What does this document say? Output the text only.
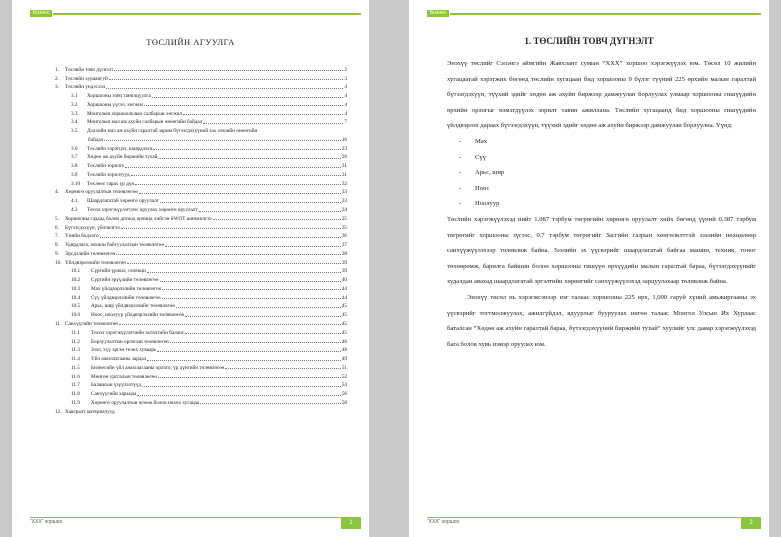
Бизнес
ТӨСЛИЙН АГУУЛГА
1.	Төслийн товч дүгнэлт	2
2.	Төслийн хураангуй	3
3.	Төслийн үндэслэл	4
3.1	Хоршооны товч танилцуулга	4
3.2	Хоршооны үүсэл, хөгжил	4
3.3	Монголын хоршоололын салбарын хөгжил	4
3.4	Монголын мал аж ахуйн салбарын өнөөгийн байдал	7
3.5	Дэлхийн мал аж ахуйн гаралтай зарим бүтээгдэхүүний зах зээлийн өнөөгийн
байдал	16
3.6	Төслийн хэрэгцээ, шаардлага	23
3.7	Хөдөө аж ахуйн биржийн тухай	26
3.8	Төслийн зорилго	31
3.9	Төслийн зорилтууд	31
3.10	Төслөөс гарах үр дүн	32
4.	Хөрөнгө оруулалтын төлөвлөгөө	33
4.1	Шаардлагатай хөрөнгө оруулалт	33
4.2	Төсөл хэрэгжүүлэгчээс оруулах хөрөнгө оруулалт	34
5.	Хоршооны гадаад болон дотоод орчинд хийсэн SWOT шинжилгээ	35
6.	Бүтээгдэхүүн, үйлчилгээ	35
7.	Үнийн бодлого	36
8.	Удирдлага, зохион байгуулалтын төлөвлөгөө	37
9.	Эрсдэлийн төлөвлөгөө	38
10. Үйлдвэрлэлийн төлөвлөгөө	39
10.1	Сүргийн үржил, селекци	39
10.2	Сүргийн эрүүлийн төлөвлөгөө	40
10.3	Мах үйлдвэрлэлийн төлөвлөгөө	44
10.4	Сүү үйлдвэрлэлийн төлөвлөгөө	44
10.5	Арьс, шир үйлдвэрлэлийн төлөвлөгөө	45
10.6	Ноос, ноолуур үйлдвэрлэлийн төлөвлөгөө	45
11. Санхүүгийн төлөвлөгөө	45
11.1	Төсөл хэрэгжүүлэгчийн эхлэлтийн баланс	45
11.2	Борлуулалтын орлогын төлөвлөгөө	46
11.3	Зээл, хүү эргэн төлөх хуваарь	48
11.4	Үйл ажиллагааны зардал	49
11.5	Бизнесийн үйл ажиллагааны орлого, үр дүнгийн төлөвлөгөө	51
11.6	Мөнгөн урсгалын төлөвлөгөө	52
11.7	Балансын үзүүлэлтүүд	54
11.8	Санхүүгийн харьцаа	56
11.9	Хөрөнгө оруулалтын өгөөж болон нөхөх хугацаа	58
12. Хавсралт материалууд
“ХХХ” хоршоо	1
Бизнес
1. ТӨСЛИЙН ТОВЧ ДҮГНЭЛТ

Энэхүү төслийг Сэлэнгэ аймгийн Жавхлант сумын “ХХХ” хоршоо хэрэгжүүлэх юм. Төсөл 10 жилийн хугацаатай хэрэгжих бөгөөд төслийн хугацаан бид хоршооны 9 бүлэг түүний 225 өрхийн малын гаралтай бүтээгдэхүүн, түүхий эдийг хөдөө аж ахуйн биржээр дамжуулан борлуулах улмаар хоршооны гишүүдийн өрхийн орлогыг нэмэгдүүлэх зорилт тавин ажиллана. Төслийн хугацаанд бид хоршооны гишүүдийн үйлдвэрлэх дараах бүтээгдэхүүн, түүхий эдийг хөдөө аж ахуйн биржээр дамжуулан борлуулна. Үүнд:

- Мах
- Сүү
- Арьс, шир
- Ноос
- Ноолуур

Төслийн хэрэгжүүлэхэд нийт 1.087 тэрбум төгрөгийн хөрөнгө оруулалт хийх бөгөөд үүний 0.387 тэрбум төгрөгийг хоршооны зүгээс, 0.7 тэрбум төгрөгийг Засгийн газрын хөнгөлөлттэй зээлийн нөхцөлөөр санхүүжүүлэхээр төлөвлөж байна. Зээлийн эх үүсвэрийг шаардлагатай байгаа машин, техник, тоног төхөөрөмж, барилга байшин болон хоршооны гишүүн өрхүүдийн малын гаралтай бараа, бүтээгдэхүүнийг худалдан авахад шаардлагатай эргэлтийн хөрөнгийг санхүүжүүлэхэд зарцуулахаар төлөвлөж байна.

Энэхүү төсөл нь хэрэгжсэнээр нэг талаас хоршооны 225 өрх, 1,000 гаруй хүний амьжиргааны эх үүсвэрийг тогтмолжуулах, ажилгүйдэл, ядуурлыг бууруулах нөгөө талаас Монгол Улсын Их Хурлаас баталсан “Хөдөө аж ахуйн гаралтай бараа, бүтээгдэхүүний биржийн тухай” хуулийг улс даяар хэрэгжүүлэхэд бага болов хувь нэмэр оруулах юм.

“ХХХ” хоршоо	2
